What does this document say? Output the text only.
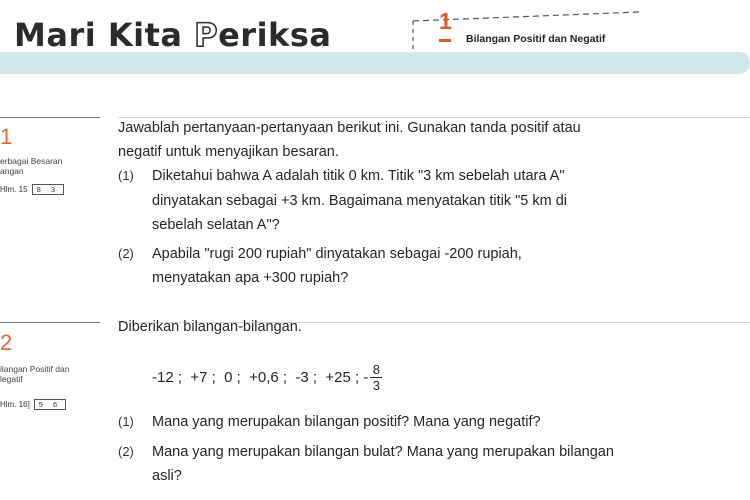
Mari Kita Periksa	1
Bilangan Positif dan Negatif
1
erbagai Besaran
angan
Hlm. 15	8 3
2
ilangan Positif dan
legatif
Hlm. 16]	5 6
Jawablah pertanyaan-pertanyaan berikut ini. Gunakan tanda positif atau
negatif untuk menyajikan besaran.
(1) Diketahui bahwa A adalah titik 0 km. Titik "3 km sebelah utara A"
dinyatakan sebagai +3 km. Bagaimana menyatakan titik "5 km di
sebelah selatan A"?
(2) Apabila "rugi 200 rupiah" dinyatakan sebagai -200 rupiah,
menyatakan apa +300 rupiah?
Diberikan bilangan-bilangan.
-12 ;  +7 ;  0 ;  +0,6 ;  -3 ;  +25 ; - $\frac{8}{3}$
(1) Mana yang merupakan bilangan positif? Mana yang negatif?
(2) Mana yang merupakan bilangan bulat? Mana yang merupakan bilangan
asli?
